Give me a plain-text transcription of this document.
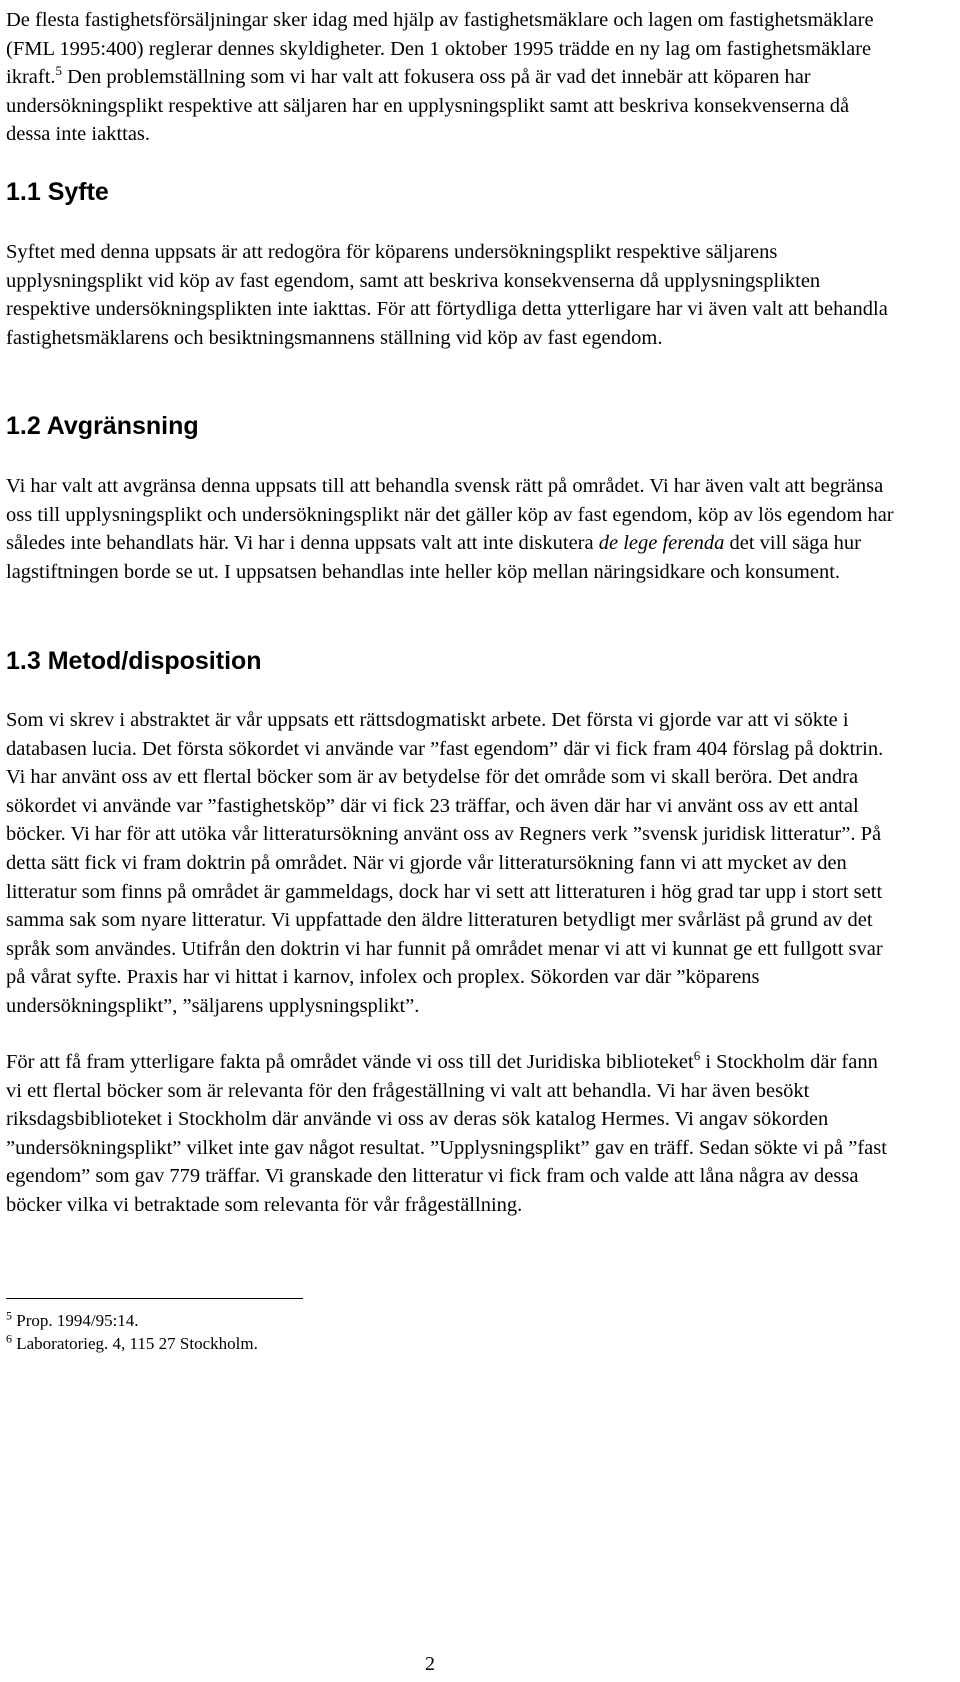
De flesta fastighetsförsäljningar sker idag med hjälp av fastighetsmäklare och lagen om fastighetsmäklare (FML 1995:400) reglerar dennes skyldigheter. Den 1 oktober 1995 trädde en ny lag om fastighetsmäklare ikraft.$^5$ Den problemställning som vi har valt att fokusera oss på är vad det innebär att köparen har undersökningsplikt respektive att säljaren har en upplysningsplikt samt att beskriva konsekvenserna då dessa inte iakttas.

1.1 Syfte

Syftet med denna uppsats är att redogöra för köparens undersökningsplikt respektive säljarens upplysningsplikt vid köp av fast egendom, samt att beskriva konsekvenserna då upplysningsplikten respektive undersökningsplikten inte iakttas. För att förtydliga detta ytterligare har vi även valt att behandla fastighetsmäklarens och besiktningsmannens ställning vid köp av fast egendom.

1.2 Avgränsning

Vi har valt att avgränsa denna uppsats till att behandla svensk rätt på området. Vi har även valt att begränsa oss till upplysningsplikt och undersökningsplikt när det gäller köp av fast egendom, köp av lös egendom har således inte behandlats här. Vi har i denna uppsats valt att inte diskutera de lege ferenda det vill säga hur lagstiftningen borde se ut. I uppsatsen behandlas inte heller köp mellan näringsidkare och konsument.

1.3 Metod/disposition

Som vi skrev i abstraktet är vår uppsats ett rättsdogmatiskt arbete. Det första vi gjorde var att vi sökte i databasen lucia. Det första sökordet vi använde var ”fast egendom” där vi fick fram 404 förslag på doktrin. Vi har använt oss av ett flertal böcker som är av betydelse för det område som vi skall beröra. Det andra sökordet vi använde var ”fastighetsköp” där vi fick 23 träffar, och även där har vi använt oss av ett antal böcker. Vi har för att utöka vår litteratursökning använt oss av Regners verk ”svensk juridisk litteratur”. På detta sätt fick vi fram doktrin på området. När vi gjorde vår litteratursökning fann vi att mycket av den litteratur som finns på området är gammeldags, dock har vi sett att litteraturen i hög grad tar upp i stort sett samma sak som nyare litteratur. Vi uppfattade den äldre litteraturen betydligt mer svårläst på grund av det språk som användes. Utifrån den doktrin vi har funnit på området menar vi att vi kunnat ge ett fullgott svar på vårat syfte. Praxis har vi hittat i karnov, infolex och proplex. Sökorden var där ”köparens undersökningsplikt”, ”säljarens upplysningsplikt”.

För att få fram ytterligare fakta på området vände vi oss till det Juridiska biblioteket$^6$ i Stockholm där fann vi ett flertal böcker som är relevanta för den frågeställning vi valt att behandla. Vi har även besökt riksdagsbiblioteket i Stockholm där använde vi oss av deras sök katalog Hermes. Vi angav sökorden ”undersökningsplikt” vilket inte gav något resultat. ”Upplysningsplikt” gav en träff. Sedan sökte vi på ”fast egendom” som gav 779 träffar. Vi granskade den litteratur vi fick fram och valde att låna några av dessa böcker vilka vi betraktade som relevanta för vår frågeställning.

$^5$ Prop. 1994/95:14.

$^6$ Laboratorieg. 4, 115 27 Stockholm.

2
